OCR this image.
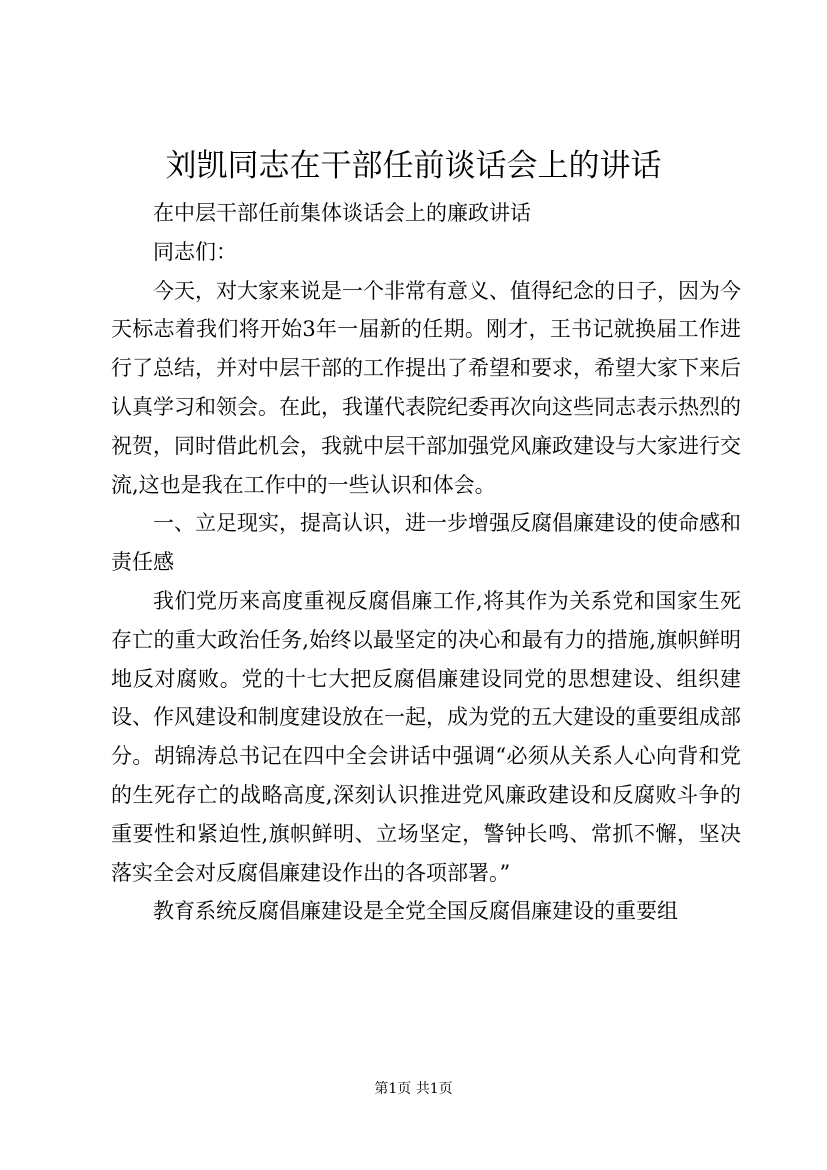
刘凯同志在干部任前谈话会上的讲话

在中层干部任前集体谈话会上的廉政讲话

同志们：

今天，对大家来说是一个非常有意义、值得纪念的日子，因为今天标志着我们将开始3年一届新的任期。刚才，王书记就换届工作进行了总结，并对中层干部的工作提出了希望和要求，希望大家下来后认真学习和领会。在此，我谨代表院纪委再次向这些同志表示热烈的祝贺，同时借此机会，我就中层干部加强党风廉政建设与大家进行交流,这也是我在工作中的一些认识和体会。

一、立足现实，提高认识，进一步增强反腐倡廉建设的使命感和责任感

我们党历来高度重视反腐倡廉工作,将其作为关系党和国家生死存亡的重大政治任务,始终以最坚定的决心和最有力的措施,旗帜鲜明地反对腐败。党的十七大把反腐倡廉建设同党的思想建设、组织建设、作风建设和制度建设放在一起，成为党的五大建设的重要组成部分。胡锦涛总书记在四中全会讲话中强调“必须从关系人心向背和党的生死存亡的战略高度,深刻认识推进党风廉政建设和反腐败斗争的重要性和紧迫性,旗帜鲜明、立场坚定，警钟长鸣、常抓不懈，坚决落实全会对反腐倡廉建设作出的各项部署。”

教育系统反腐倡廉建设是全党全国反腐倡廉建设的重要组

第1页 共1页
